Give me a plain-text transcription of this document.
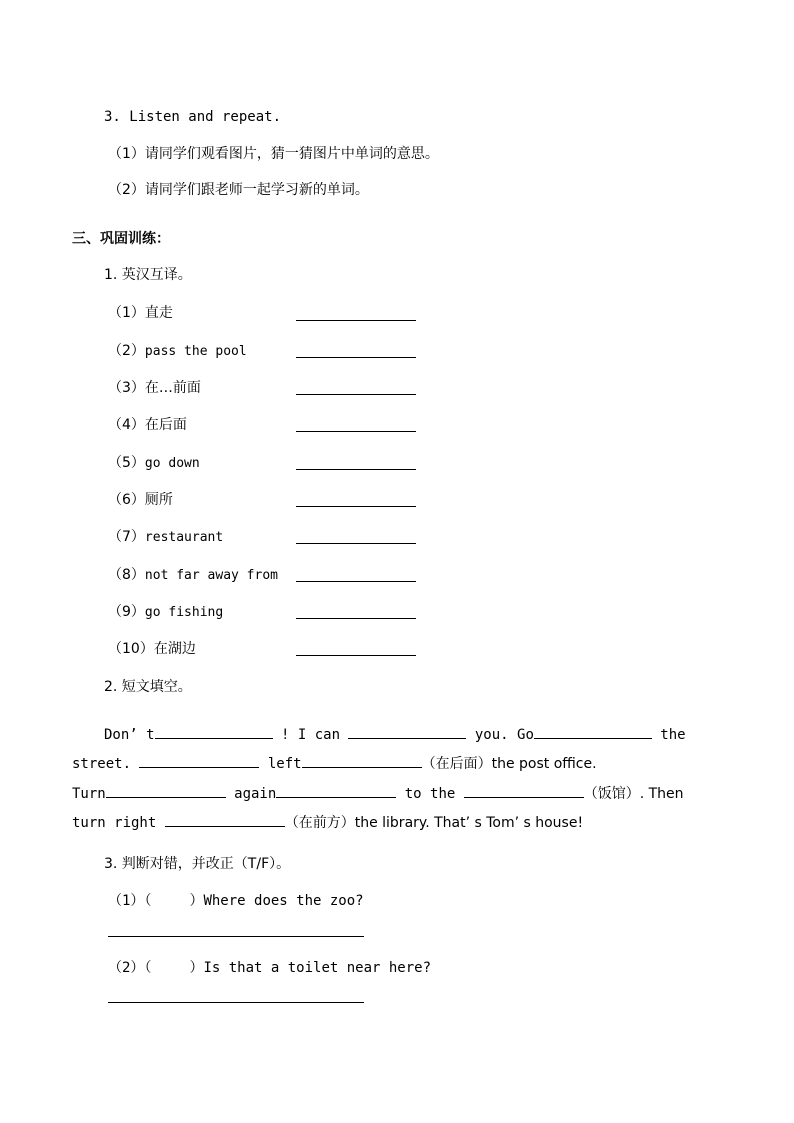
3. Listen and repeat.
（1）请同学们观看图片，猜一猜图片中单词的意思。
（2）请同学们跟老师一起学习新的单词。
三、巩固训练：
1. 英汉互译。
（1）直走
（2）pass the pool
（3）在…前面
（4）在后面
（5）go down
（6）厕所
（7）restaurant
（8）not far away from
（9）go fishing
（10）在湖边
2. 短文填空。
Don’ t	! I can	you. Go	the
street.	left	（在后面）the post office.
Turn	again	to the	（饭馆）. Then
turn right	（在前方）the library. That’ s Tom’ s house!
3. 判断对错，并改正（T/F）。
（1）（	）Where does the zoo?
（2）（	）Is that a toilet near here?
